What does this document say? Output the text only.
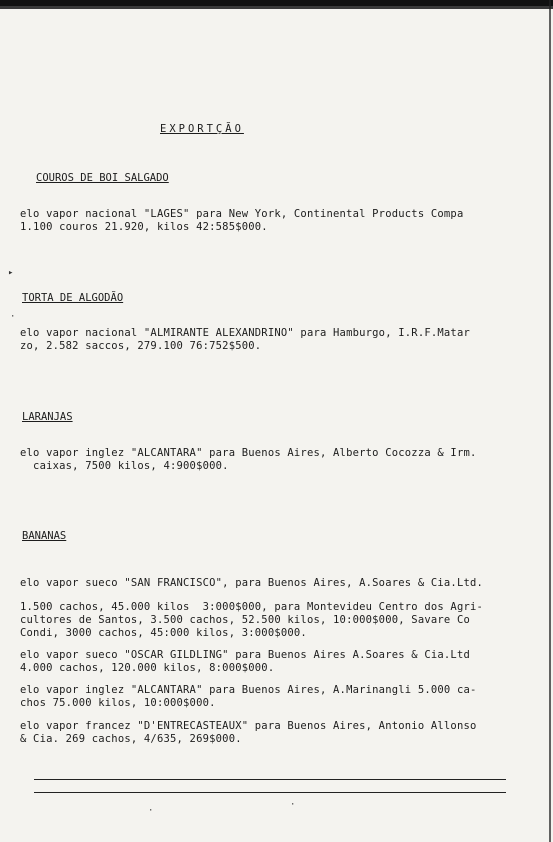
EXPORTÇÃO
COUROS DE BOI SALGADO
elo vapor nacional "LAGES" para New York, Continental Products Compa
1.100 couros 21.920, kilos 42:585$000.
TORTA DE ALGODÃO
elo vapor nacional "ALMIRANTE ALEXANDRINO" para Hamburgo, I.R.F.Matar
zo, 2.582 saccos, 279.100 76:752$500.
LARANJAS
elo vapor inglez "ALCANTARA" para Buenos Aires, Alberto Cocozza & Irm.
caixas, 7500 kilos, 4:900$000.
BANANAS
elo vapor sueco "SAN FRANCISCO", para Buenos Aires, A.Soares & Cia.Ltd.
1.500 cachos, 45.000 kilos  3:000$000, para Montevideu Centro dos Agri-
cultores de Santos, 3.500 cachos, 52.500 kilos, 10:000$000, Savare Co
Condi, 3000 cachos, 45:000 kilos, 3:000$000.
elo vapor sueco "OSCAR GILDLING" para Buenos Aires A.Soares & Cia.Ltd
4.000 cachos, 120.000 kilos, 8:000$000.
elo vapor inglez "ALCANTARA" para Buenos Aires, A.Marinangli 5.000 ca-
chos 75.000 kilos, 10:000$000.
elo vapor francez "D'ENTRECASTEAUX" para Buenos Aires, Antonio Allonso
& Cia. 269 cachos, 4/635, 269$000.
▸
·
·
·
